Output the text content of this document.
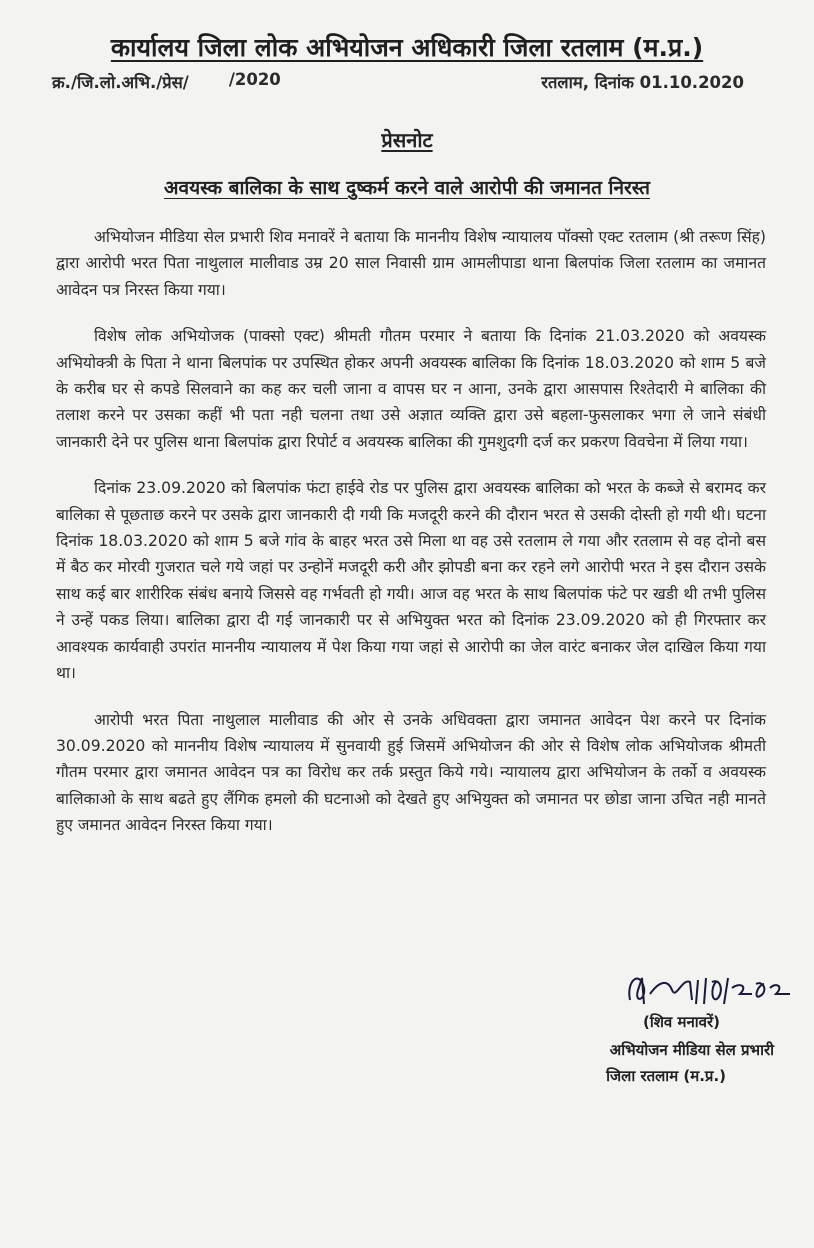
कार्यालय जिला लोक अभियोजन अधिकारी जिला रतलाम (म.प्र.)
क्र./जि.लो.अभि./प्रेस/ /2020	रतलाम, दिनांक 01.10.2020
प्रेसनोट
अवयस्क बालिका के साथ दुष्कर्म करने वाले आरोपी की जमानत निरस्त

अभियोजन मीडिया सेल प्रभारी शिव मनावरें ने बताया कि माननीय विशेष न्यायालय पॉक्सो एक्ट रतलाम (श्री तरूण सिंह) द्वारा आरोपी भरत पिता नाथुलाल मालीवाड उम्र 20 साल निवासी ग्राम आमलीपाडा थाना बिलपांक जिला रतलाम का जमानत आवेदन पत्र निरस्त किया गया।

विशेष लोक अभियोजक (पाक्सो एक्ट) श्रीमती गौतम परमार ने बताया कि दिनांक 21.03.2020 को अवयस्क अभियोक्त्री के पिता ने थाना बिलपांक पर उपस्थित होकर अपनी अवयस्क बालिका कि दिनांक 18.03.2020 को शाम 5 बजे के करीब घर से कपडे सिलवाने का कह कर चली जाना व वापस घर न आना, उनके द्वारा आसपास रिश्तेदारी मे बालिका की तलाश करने पर उसका कहीं भी पता नही चलना तथा उसे अज्ञात व्यक्ति द्वारा उसे बहला-फुसलाकर भगा ले जाने संबंधी जानकारी देने पर पुलिस थाना बिलपांक द्वारा रिपोर्ट व अवयस्क बालिका की गुमशुदगी दर्ज कर प्रकरण विवचेना में लिया गया।

दिनांक 23.09.2020 को बिलपांक फंटा हाईवे रोड पर पुलिस द्वारा अवयस्क बालिका को भरत के कब्जे से बरामद कर बालिका से पूछताछ करने पर उसके द्वारा जानकारी दी गयी कि मजदूरी करने की दौरान भरत से उसकी दोस्ती हो गयी थी। घटना दिनांक 18.03.2020 को शाम 5 बजे गांव के बाहर भरत उसे मिला था वह उसे रतलाम ले गया और रतलाम से वह दोनो बस में बैठ कर मोरवी गुजरात चले गये जहां पर उन्होनें मजदूरी करी और झोपडी बना कर रहने लगे आरोपी भरत ने इस दौरान उसके साथ कई बार शारीरिक संबंध बनाये जिससे वह गर्भवती हो गयी। आज वह भरत के साथ बिलपांक फंटे पर खडी थी तभी पुलिस ने उन्हें पकड लिया। बालिका द्वारा दी गई जानकारी पर से अभियुक्त भरत को दिनांक 23.09.2020 को ही गिरफ्तार कर आवश्यक कार्यवाही उपरांत माननीय न्यायालय में पेश किया गया जहां से आरोपी का जेल वारंट बनाकर जेल दाखिल किया गया था।

आरोपी भरत पिता नाथुलाल मालीवाड की ओर से उनके अधिवक्ता द्वारा जमानत आवेदन पेश करने पर दिनांक 30.09.2020 को माननीय विशेष न्यायालय में सुनवायी हुई जिसमें अभियोजन की ओर से विशेष लोक अभियोजक श्रीमती गौतम परमार द्वारा जमानत आवेदन पत्र का विरोध कर तर्क प्रस्तुत किये गये। न्यायालय द्वारा अभियोजन के तर्को व अवयस्क बालिकाओ के साथ बढते हुए लैंगिक हमलो की घटनाओ को देखते हुए अभियुक्त को जमानत पर छोडा जाना उचित नही मानते हुए जमानत आवेदन निरस्त किया गया।

(शिव मनावरें)
अभियोजन मीडिया सेल प्रभारी
जिला रतलाम (म.प्र.)
